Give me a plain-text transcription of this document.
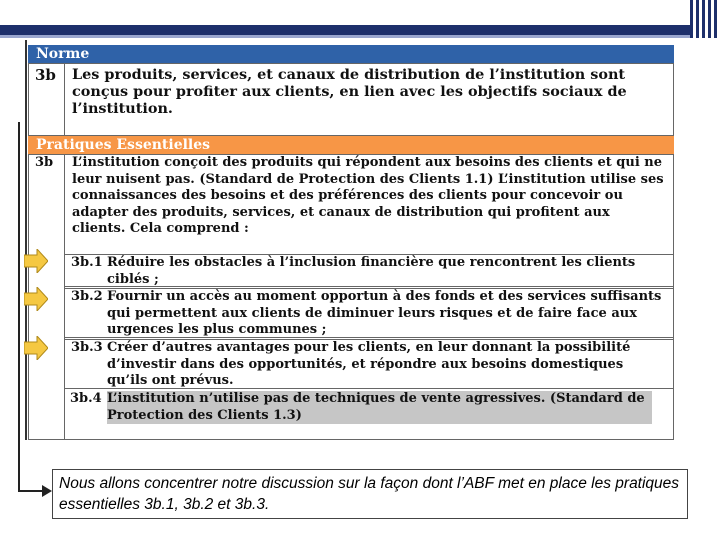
Norme
3b Les produits, services, et canaux de distribution de l’institution sont conçus pour profiter aux clients, en lien avec les objectifs sociaux de l’institution.
Pratiques Essentielles
3b L’institution conçoit des produits qui répondent aux besoins des clients et qui ne leur nuisent pas. (Standard de Protection des Clients 1.1) L’institution utilise ses connaissances des besoins et des préférences des clients pour concevoir ou adapter des produits, services, et canaux de distribution qui profitent aux clients. Cela comprend :
3b.1 Réduire les obstacles à l’inclusion financière que rencontrent les clients ciblés ;
3b.2 Fournir un accès au moment opportun à des fonds et des services suffisants qui permettent aux clients de diminuer leurs risques et de faire face aux urgences les plus communes ;
3b.3 Créer d’autres avantages pour les clients, en leur donnant la possibilité d’investir dans des opportunités, et répondre aux besoins domestiques qu’ils ont prévus.
3b.4 L’institution n’utilise pas de techniques de vente agressives. (Standard de Protection des Clients 1.3)
Nous allons concentrer notre discussion sur la façon dont l’ABF met en place les pratiques essentielles 3b.1, 3b.2 et 3b.3.
